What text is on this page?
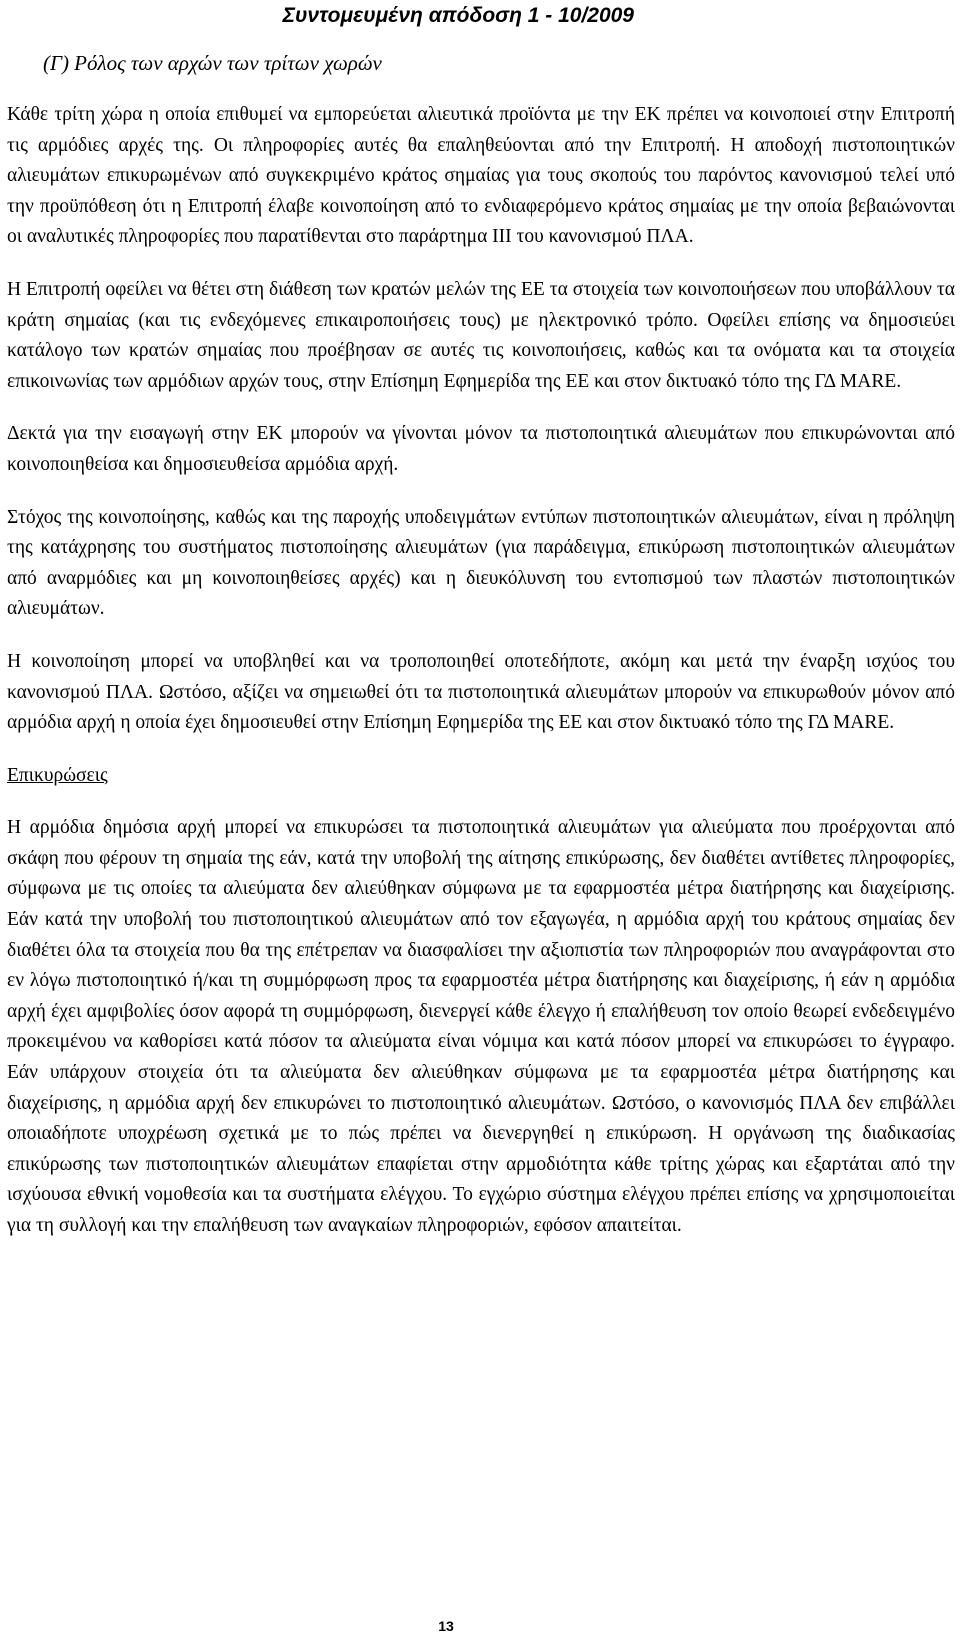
Συντομευμένη απόδοση 1 - 10/2009
(Γ) Ρόλος των αρχών των τρίτων χωρών

Κάθε τρίτη χώρα η οποία επιθυμεί να εμπορεύεται αλιευτικά προϊόντα με την ΕΚ πρέπει να κοινοποιεί στην Επιτροπή τις αρμόδιες αρχές της. Οι πληροφορίες αυτές θα επαληθεύονται από την Επιτροπή. Η αποδοχή πιστοποιητικών αλιευμάτων επικυρωμένων από συγκεκριμένο κράτος σημαίας για τους σκοπούς του παρόντος κανονισμού τελεί υπό την προϋπόθεση ότι η Επιτροπή έλαβε κοινοποίηση από το ενδιαφερόμενο κράτος σημαίας με την οποία βεβαιώνονται οι αναλυτικές πληροφορίες που παρατίθενται στο παράρτημα III του κανονισμού ΠΛΑ.

Η Επιτροπή οφείλει να θέτει στη διάθεση των κρατών μελών της ΕΕ τα στοιχεία των κοινοποιήσεων που υποβάλλουν τα κράτη σημαίας (και τις ενδεχόμενες επικαιροποιήσεις τους) με ηλεκτρονικό τρόπο. Οφείλει επίσης να δημοσιεύει κατάλογο των κρατών σημαίας που προέβησαν σε αυτές τις κοινοποιήσεις, καθώς και τα ονόματα και τα στοιχεία επικοινωνίας των αρμόδιων αρχών τους, στην Επίσημη Εφημερίδα της ΕΕ και στον δικτυακό τόπο της ΓΔ MARE.

Δεκτά για την εισαγωγή στην ΕΚ μπορούν να γίνονται μόνον τα πιστοποιητικά αλιευμάτων που επικυρώνονται από κοινοποιηθείσα και δημοσιευθείσα αρμόδια αρχή.

Στόχος της κοινοποίησης, καθώς και της παροχής υποδειγμάτων εντύπων πιστοποιητικών αλιευμάτων, είναι η πρόληψη της κατάχρησης του συστήματος πιστοποίησης αλιευμάτων (για παράδειγμα, επικύρωση πιστοποιητικών αλιευμάτων από αναρμόδιες και μη κοινοποιηθείσες αρχές) και η διευκόλυνση του εντοπισμού των πλαστών πιστοποιητικών αλιευμάτων.

Η κοινοποίηση μπορεί να υποβληθεί και να τροποποιηθεί οποτεδήποτε, ακόμη και μετά την έναρξη ισχύος του κανονισμού ΠΛΑ. Ωστόσο, αξίζει να σημειωθεί ότι τα πιστοποιητικά αλιευμάτων μπορούν να επικυρωθούν μόνον από αρμόδια αρχή η οποία έχει δημοσιευθεί στην Επίσημη Εφημερίδα της ΕΕ και στον δικτυακό τόπο της ΓΔ MARE.

Επικυρώσεις

Η αρμόδια δημόσια αρχή μπορεί να επικυρώσει τα πιστοποιητικά αλιευμάτων για αλιεύματα που προέρχονται από σκάφη που φέρουν τη σημαία της εάν, κατά την υποβολή της αίτησης επικύρωσης, δεν διαθέτει αντίθετες πληροφορίες, σύμφωνα με τις οποίες τα αλιεύματα δεν αλιεύθηκαν σύμφωνα με τα εφαρμοστέα μέτρα διατήρησης και διαχείρισης. Εάν κατά την υποβολή του πιστοποιητικού αλιευμάτων από τον εξαγωγέα, η αρμόδια αρχή του κράτους σημαίας δεν διαθέτει όλα τα στοιχεία που θα της επέτρεπαν να διασφαλίσει την αξιοπιστία των πληροφοριών που αναγράφονται στο εν λόγω πιστοποιητικό ή/και τη συμμόρφωση προς τα εφαρμοστέα μέτρα διατήρησης και διαχείρισης, ή εάν η αρμόδια αρχή έχει αμφιβολίες όσον αφορά τη συμμόρφωση, διενεργεί κάθε έλεγχο ή επαλήθευση τον οποίο θεωρεί ενδεδειγμένο προκειμένου να καθορίσει κατά πόσον τα αλιεύματα είναι νόμιμα και κατά πόσον μπορεί να επικυρώσει το έγγραφο. Εάν υπάρχουν στοιχεία ότι τα αλιεύματα δεν αλιεύθηκαν σύμφωνα με τα εφαρμοστέα μέτρα διατήρησης και διαχείρισης, η αρμόδια αρχή δεν επικυρώνει το πιστοποιητικό αλιευμάτων. Ωστόσο, ο κανονισμός ΠΛΑ δεν επιβάλλει οποιαδήποτε υποχρέωση σχετικά με το πώς πρέπει να διενεργηθεί η επικύρωση. Η οργάνωση της διαδικασίας επικύρωσης των πιστοποιητικών αλιευμάτων επαφίεται στην αρμοδιότητα κάθε τρίτης χώρας και εξαρτάται από την ισχύουσα εθνική νομοθεσία και τα συστήματα ελέγχου. Το εγχώριο σύστημα ελέγχου πρέπει επίσης να χρησιμοποιείται για τη συλλογή και την επαλήθευση των αναγκαίων πληροφοριών, εφόσον απαιτείται.

13
